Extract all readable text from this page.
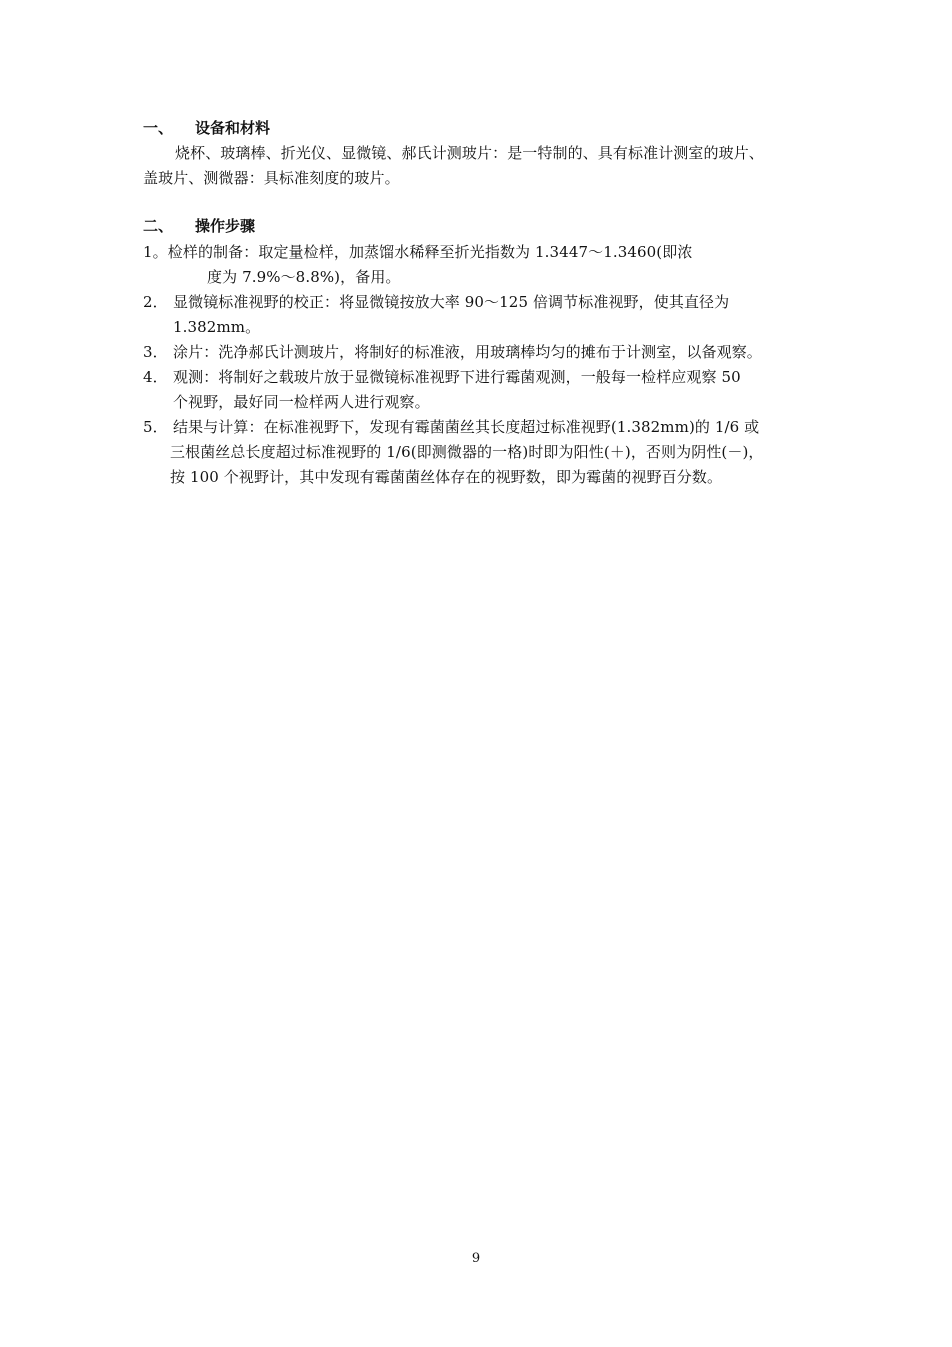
一、 设备和材料
烧杯、玻璃棒、折光仪、显微镜、郝氏计测玻片：是一特制的、具有标准计测室的玻片、
盖玻片、测微器：具标准刻度的玻片。
二、 操作步骤
1。检样的制备：取定量检样，加蒸馏水稀释至折光指数为 1.3447～1.3460(即浓
度为 7.9%～8.8%)，备用。
2． 显微镜标准视野的校正：将显微镜按放大率 90～125 倍调节标准视野，使其直径为
1.382mm。
3． 涂片：洗净郝氏计测玻片，将制好的标准液，用玻璃棒均匀的摊布于计测室，以备观察。
4． 观测：将制好之载玻片放于显微镜标准视野下进行霉菌观测，一般每一检样应观察 50
个视野，最好同一检样两人进行观察。
5． 结果与计算：在标准视野下，发现有霉菌菌丝其长度超过标准视野(1.382mm)的 1/6 或
三根菌丝总长度超过标准视野的 1/6(即测微器的一格)时即为阳性(＋)，否则为阴性(－)，
按 100 个视野计，其中发现有霉菌菌丝体存在的视野数，即为霉菌的视野百分数。
9
